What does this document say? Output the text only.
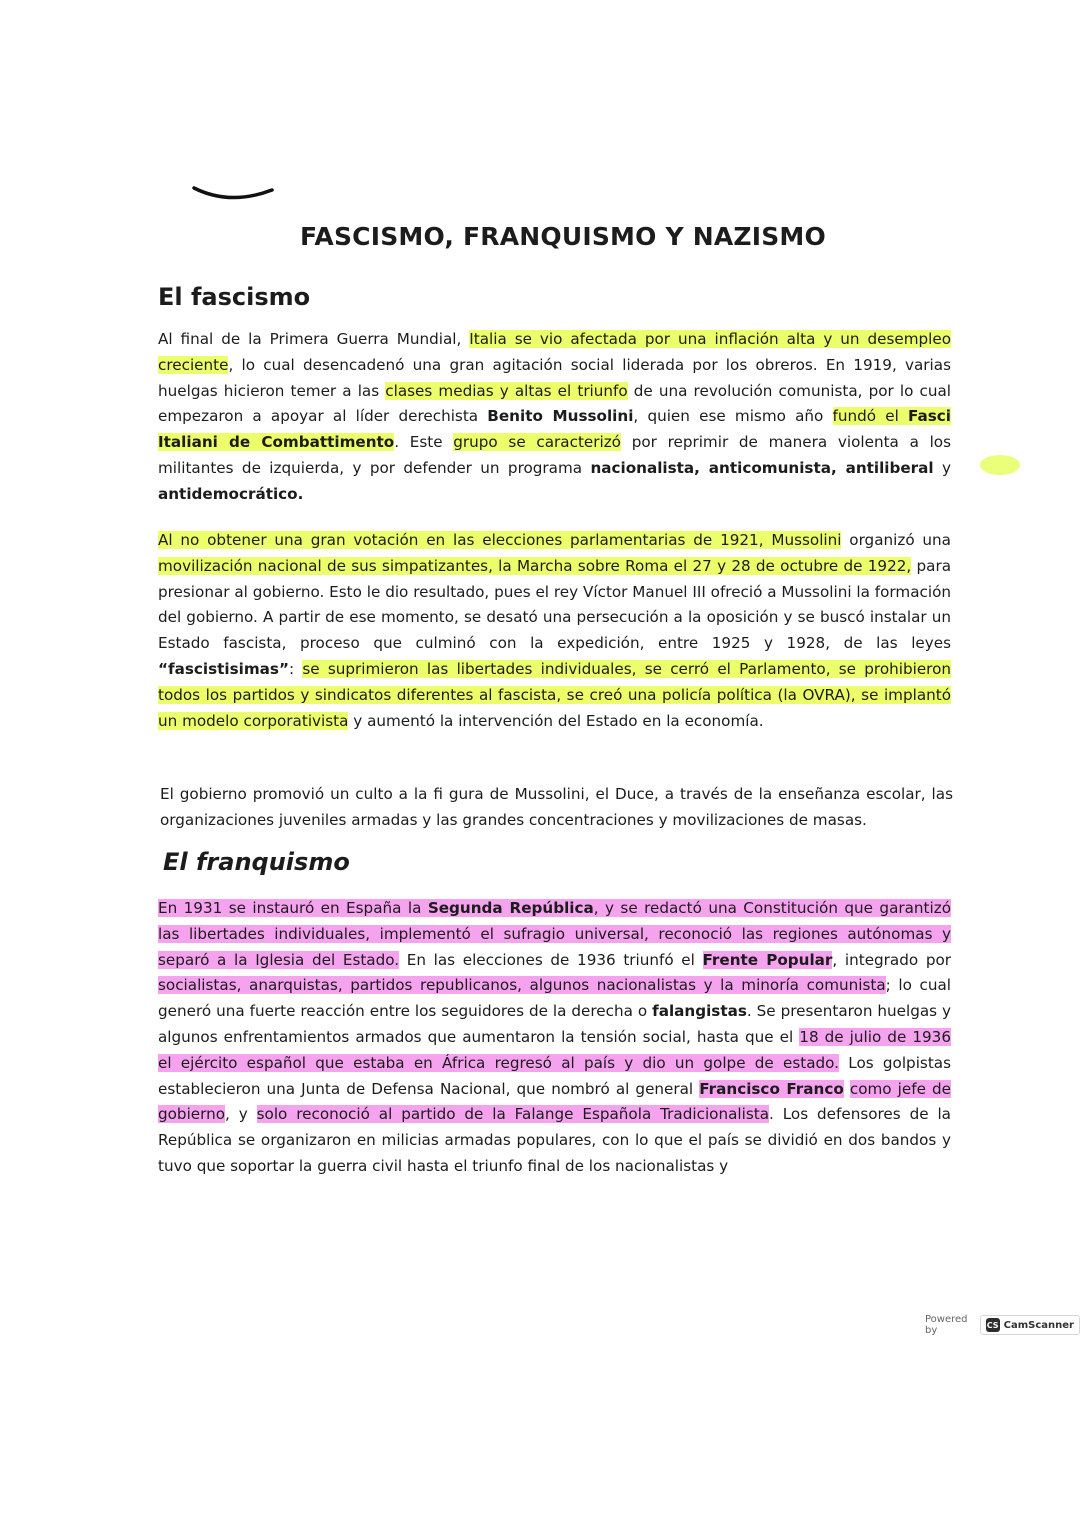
FASCISMO, FRANQUISMO Y NAZISMO
El fascismo

Al final de la Primera Guerra Mundial, Italia se vio afectada por una inflación alta y un desempleo creciente, lo cual desencadenó una gran agitación social liderada por los obreros. En 1919, varias huelgas hicieron temer a las clases medias y altas el triunfo de una revolución comunista, por lo cual empezaron a apoyar al líder derechista Benito Mussolini, quien ese mismo año fundó el Fasci Italiani de Combattimento. Este grupo se caracterizó por reprimir de manera violenta a los militantes de izquierda, y por defender un programa nacionalista, anticomunista, antiliberal y antidemocrático.

Al no obtener una gran votación en las elecciones parlamentarias de 1921, Mussolini organizó una movilización nacional de sus simpatizantes, la Marcha sobre Roma el 27 y 28 de octubre de 1922, para presionar al gobierno. Esto le dio resultado, pues el rey Víctor Manuel III ofreció a Mussolini la formación del gobierno. A partir de ese momento, se desató una persecución a la oposición y se buscó instalar un Estado fascista, proceso que culminó con la expedición, entre 1925 y 1928, de las leyes “fascistisimas”: se suprimieron las libertades individuales, se cerró el Parlamento, se prohibieron todos los partidos y sindicatos diferentes al fascista, se creó una policía política (la OVRA), se implantó un modelo corporativista y aumentó la intervención del Estado en la economía.

El gobierno promovió un culto a la fi gura de Mussolini, el Duce, a través de la enseñanza escolar, las organizaciones juveniles armadas y las grandes concentraciones y movilizaciones de masas.

El franquismo

En 1931 se instauró en España la Segunda República, y se redactó una Constitución que garantizó las libertades individuales, implementó el sufragio universal, reconoció las regiones autónomas y separó a la Iglesia del Estado. En las elecciones de 1936 triunfó el Frente Popular, integrado por socialistas, anarquistas, partidos republicanos, algunos nacionalistas y la minoría comunista; lo cual generó una fuerte reacción entre los seguidores de la derecha o falangistas. Se presentaron huelgas y algunos enfrentamientos armados que aumentaron la tensión social, hasta que el 18 de julio de 1936 el ejército español que estaba en África regresó al país y dio un golpe de estado. Los golpistas establecieron una Junta de Defensa Nacional, que nombró al general Francisco Franco como jefe de gobierno, y solo reconoció al partido de la Falange Española Tradicionalista. Los defensores de la República se organizaron en milicias armadas populares, con lo que el país se dividió en dos bandos y tuvo que soportar la guerra civil hasta el triunfo final de los nacionalistas y

Powered by	CS CamScanner
